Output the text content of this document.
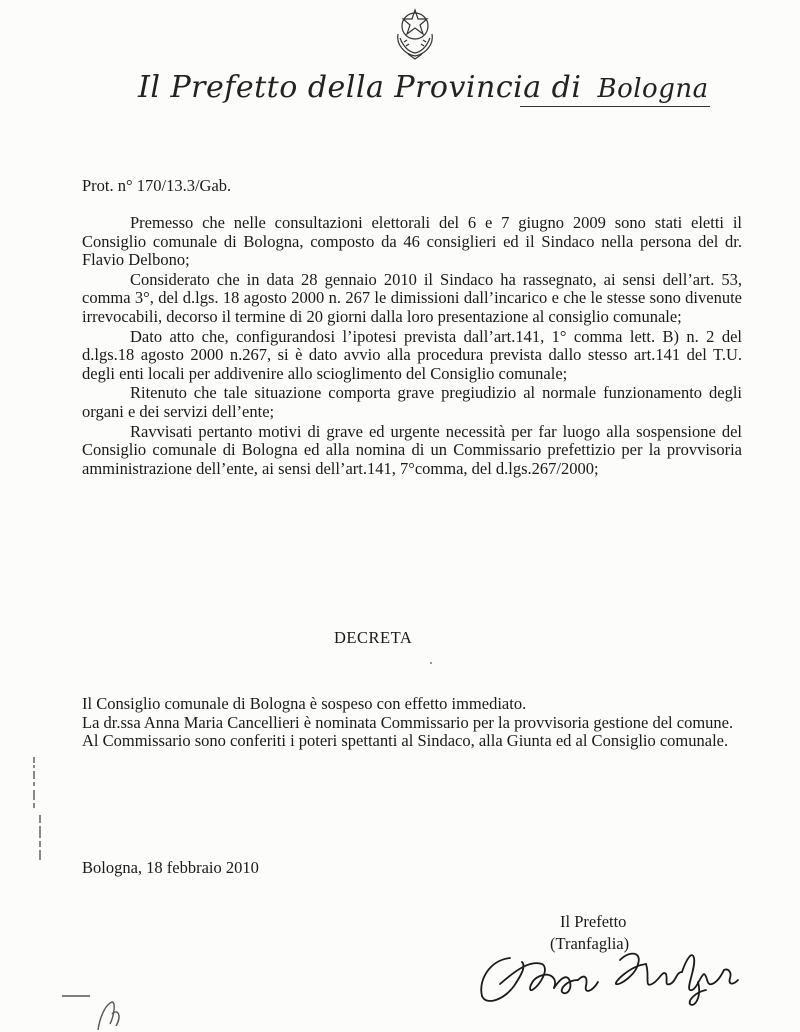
Il Prefetto della Provincia di Bologna
Prot. n° 170/13.3/Gab.

Premesso che nelle consultazioni elettorali del 6 e 7 giugno 2009 sono stati eletti il Consiglio comunale di Bologna, composto da 46 consiglieri ed il Sindaco nella persona del dr. Flavio Delbono;

Considerato che in data 28 gennaio 2010 il Sindaco ha rassegnato, ai sensi dell’art. 53, comma 3°, del d.lgs. 18 agosto 2000 n. 267 le dimissioni dall’incarico e che le stesse sono divenute irrevocabili, decorso il termine di 20 giorni dalla loro presentazione al consiglio comunale;

Dato atto che, configurandosi l’ipotesi prevista dall’art.141, 1° comma lett. B) n. 2 del d.lgs.18 agosto 2000 n.267, si è dato avvio alla procedura prevista dallo stesso art.141 del T.U. degli enti locali per addivenire allo scioglimento del Consiglio comunale;

Ritenuto che tale situazione comporta grave pregiudizio al normale funzionamento degli organi e dei servizi dell’ente;

Ravvisati pertanto motivi di grave ed urgente necessità per far luogo alla sospensione del Consiglio comunale di Bologna ed alla nomina di un Commissario prefettizio per la provvisoria amministrazione dell’ente, ai sensi dell’art.141, 7°comma, del d.lgs.267/2000;

DECRETA

Il Consiglio comunale di Bologna è sospeso con effetto immediato.

La dr.ssa Anna Maria Cancellieri è nominata Commissario per la provvisoria gestione del comune.

Al Commissario sono conferiti i poteri spettanti al Sindaco, alla Giunta ed al Consiglio comunale.

Bologna, 18 febbraio 2010
Il Prefetto
(Tranfaglia)
